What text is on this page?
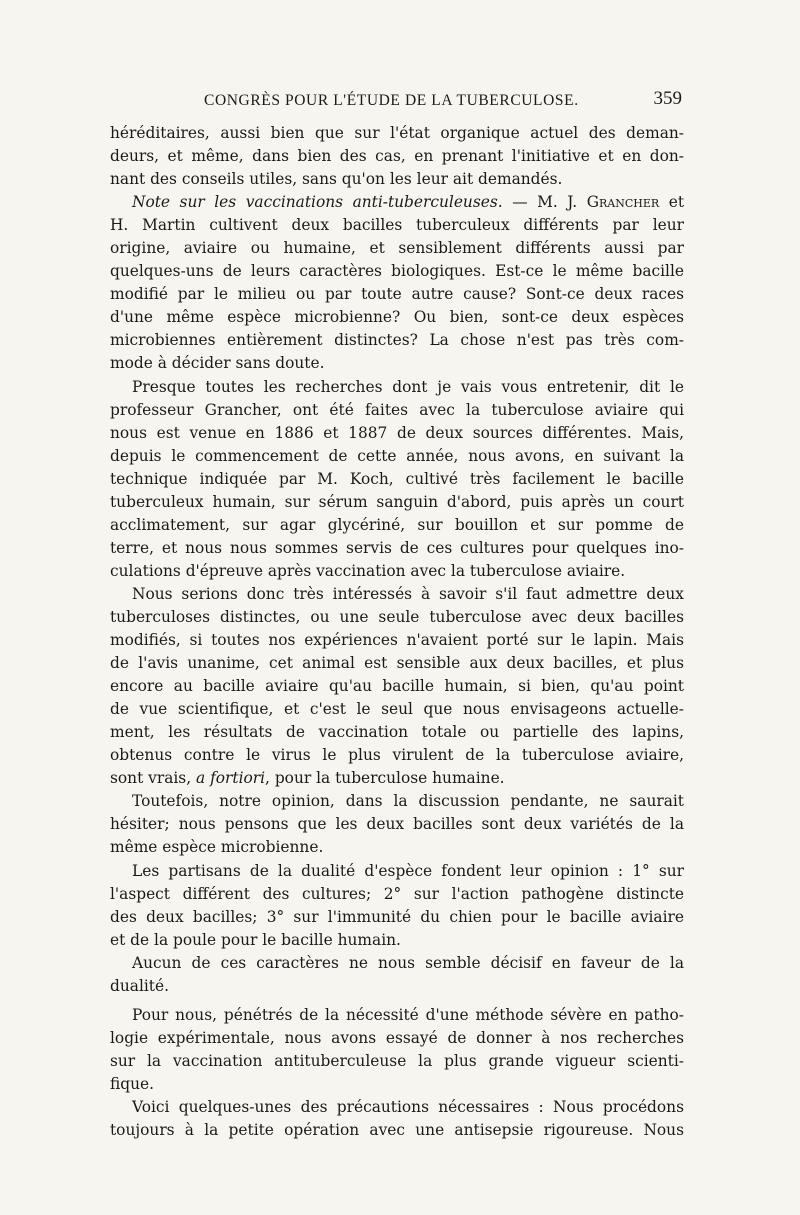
CONGRÈS POUR L'ÉTUDE DE LA TUBERCULOSE.	359
héréditaires, aussi bien que sur l'état organique actuel des deman-
deurs, et même, dans bien des cas, en prenant l'initiative et en don-
nant des conseils utiles, sans qu'on les leur ait demandés.
Note sur les vaccinations anti-tuberculeuses. — M. J. Grancher et
H. Martin cultivent deux bacilles tuberculeux différents par leur
origine, aviaire ou humaine, et sensiblement différents aussi par
quelques-uns de leurs caractères biologiques. Est-ce le même bacille
modifié par le milieu ou par toute autre cause? Sont-ce deux races
d'une même espèce microbienne? Ou bien, sont-ce deux espèces
microbiennes entièrement distinctes? La chose n'est pas très com-
mode à décider sans doute.
Presque toutes les recherches dont je vais vous entretenir, dit le
professeur Grancher, ont été faites avec la tuberculose aviaire qui
nous est venue en 1886 et 1887 de deux sources différentes. Mais,
depuis le commencement de cette année, nous avons, en suivant la
technique indiquée par M. Koch, cultivé très facilement le bacille
tuberculeux humain, sur sérum sanguin d'abord, puis après un court
acclimatement, sur agar glycériné, sur bouillon et sur pomme de
terre, et nous nous sommes servis de ces cultures pour quelques ino-
culations d'épreuve après vaccination avec la tuberculose aviaire.
Nous serions donc très intéressés à savoir s'il faut admettre deux
tuberculoses distinctes, ou une seule tuberculose avec deux bacilles
modifiés, si toutes nos expériences n'avaient porté sur le lapin. Mais
de l'avis unanime, cet animal est sensible aux deux bacilles, et plus
encore au bacille aviaire qu'au bacille humain, si bien, qu'au point
de vue scientifique, et c'est le seul que nous envisageons actuelle-
ment, les résultats de vaccination totale ou partielle des lapins,
obtenus contre le virus le plus virulent de la tuberculose aviaire,
sont vrais, a fortiori, pour la tuberculose humaine.
Toutefois, notre opinion, dans la discussion pendante, ne saurait
hésiter; nous pensons que les deux bacilles sont deux variétés de la
même espèce microbienne.
Les partisans de la dualité d'espèce fondent leur opinion : 1° sur
l'aspect différent des cultures; 2° sur l'action pathogène distincte
des deux bacilles; 3° sur l'immunité du chien pour le bacille aviaire
et de la poule pour le bacille humain.
Aucun de ces caractères ne nous semble décisif en faveur de la
dualité.
Pour nous, pénétrés de la nécessité d'une méthode sévère en patho-
logie expérimentale, nous avons essayé de donner à nos recherches
sur la vaccination antituberculeuse la plus grande vigueur scienti-
fique.
Voici quelques-unes des précautions nécessaires : Nous procédons
toujours à la petite opération avec une antisepsie rigoureuse. Nous
